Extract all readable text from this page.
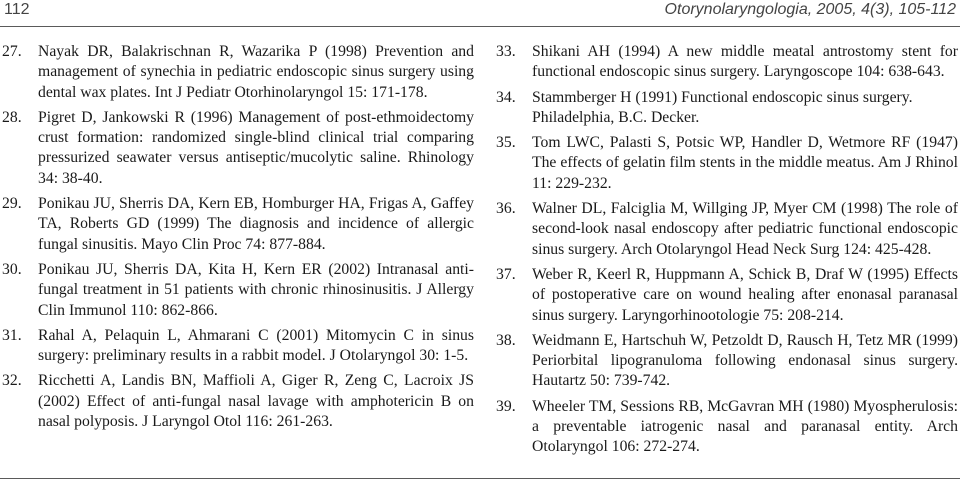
112	Otorynolaryngologia, 2005, 4(3), 105-112
27.	Nayak DR, Balakrischnan R, Wazarika P (1998) Prevention and management of synechia in pediatric endoscopic sinus surgery using dental wax plates. Int J Pediatr Otorhinolaryngol 15: 171-178.
28.	Pigret D, Jankowski R (1996) Management of post-ethmoidectomy crust formation: randomized single-blind clinical trial comparing pressurized seawater versus antiseptic/mucolytic saline. Rhinology 34: 38-40.
29.	Ponikau JU, Sherris DA, Kern EB, Homburger HA, Frigas A, Gaffey TA, Roberts GD (1999) The diagnosis and incidence of allergic fungal sinusitis. Mayo Clin Proc 74: 877-884.
30.	Ponikau JU, Sherris DA, Kita H, Kern ER (2002) Intranasal anti-fungal treatment in 51 patients with chronic rhinosinusitis. J Allergy Clin Immunol 110: 862-866.
31.	Rahal A, Pelaquin L, Ahmarani C (2001) Mitomycin C in sinus surgery: preliminary results in a rabbit model. J Otolaryngol 30: 1-5.
32.	Ricchetti A, Landis BN, Maffioli A, Giger R, Zeng C, Lacroix JS (2002) Effect of anti-fungal nasal lavage with amphotericin B on nasal polyposis. J Laryngol Otol 116: 261-263.
33.	Shikani AH (1994) A new middle meatal antrostomy stent for functional endoscopic sinus surgery. Laryngoscope 104: 638-643.
34.	Stammberger H (1991) Functional endoscopic sinus surgery. Philadelphia, B.C. Decker.
35.	Tom LWC, Palasti S, Potsic WP, Handler D, Wetmore RF (1947) The effects of gelatin film stents in the middle meatus. Am J Rhinol 11: 229-232.
36.	Walner DL, Falciglia M, Willging JP, Myer CM (1998) The role of second-look nasal endoscopy after pediatric functional endoscopic sinus surgery. Arch Otolaryngol Head Neck Surg 124: 425-428.
37.	Weber R, Keerl R, Huppmann A, Schick B, Draf W (1995) Effects of postoperative care on wound healing after enonasal paranasal sinus surgery. Laryngorhinootologie 75: 208-214.
38.	Weidmann E, Hartschuh W, Petzoldt D, Rausch H, Tetz MR (1999) Periorbital lipogranuloma following endonasal sinus surgery. Hautartz 50: 739-742.
39.	Wheeler TM, Sessions RB, McGavran MH (1980) Myospherulosis: a preventable iatrogenic nasal and paranasal entity. Arch Otolaryngol 106: 272-274.
